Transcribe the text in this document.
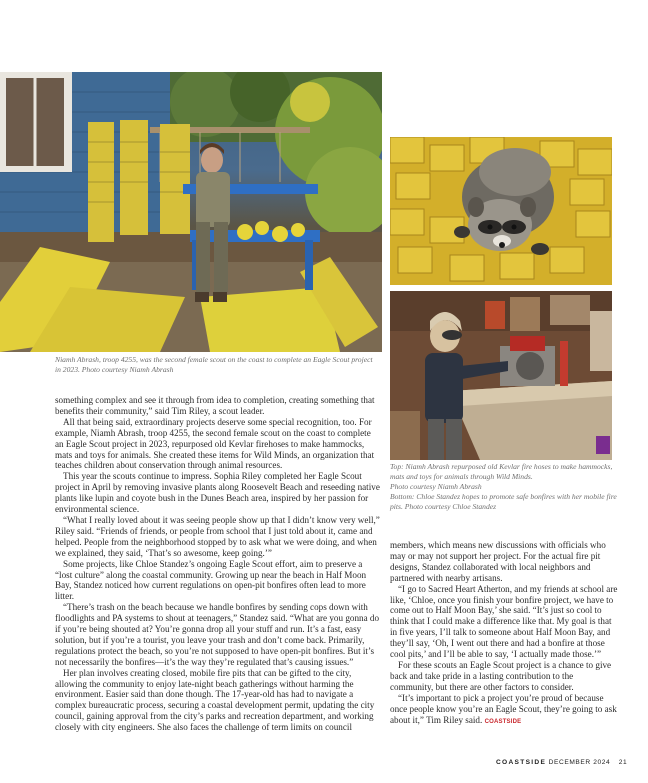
Niamh Abrash, troop 4255, was the second female scout on the coast to complete an Eagle Scout project in 2023. Photo courtesy Niamh Abrash

Top: Niamh Abrash repurposed old Kevlar fire hoses to make hammocks, mats and toys for animals through Wild Minds.

Photo courtesy Niamh Abrash

Bottom: Chloe Standez hopes to promote safe bonfires with her mobile fire pits. Photo courtesy Chloe Standez

something complex and see it through from idea to completion, creating something that benefits their community,” said Tim Riley, a scout leader.

All that being said, extraordinary projects deserve some special recognition, too. For example, Niamh Abrash, troop 4255, the second female scout on the coast to complete an Eagle Scout project in 2023, repurposed old Kevlar firehoses to make hammocks, mats and toys for animals. She created these items for Wild Minds, an organization that teaches children about conservation through animal resources.

This year the scouts continue to impress. Sophia Riley completed her Eagle Scout project in April by removing invasive plants along Roosevelt Beach and reseeding native plants like lupin and coyote bush in the Dunes Beach area, inspired by her passion for environmental science.

“What I really loved about it was seeing people show up that I didn’t know very well,” Riley said. “Friends of friends, or people from school that I just told about it, came and helped. People from the neighborhood stopped by to ask what we were doing, and when we explained, they said, ‘That’s so awesome, keep going.’”

Some projects, like Chloe Standez’s ongoing Eagle Scout effort, aim to preserve a “lost culture” along the coastal community. Growing up near the beach in Half Moon Bay, Standez noticed how current regulations on open-pit bonfires often lead to more litter.

“There’s trash on the beach because we handle bonfires by sending cops down with floodlights and PA systems to shout at teenagers,” Standez said. “What are you gonna do if you’re being shouted at? You’re gonna drop all your stuff and run. It’s a fast, easy solution, but if you’re a tourist, you leave your trash and don’t come back. Primarily, regulations protect the beach, so you’re not supposed to have open-pit bonfires. But it’s not necessarily the bonfires—it’s the way they’re regulated that’s causing issues.”

Her plan involves creating closed, mobile fire pits that can be gifted to the city, allowing the community to enjoy late-night beach gatherings without harming the environment. Easier said than done though. The 17-year-old has had to navigate a complex bureaucratic process, securing a coastal development permit, updating the city council, gaining approval from the city’s parks and recreation department, and working closely with city engineers. She also faces the challenge of term limits on council

members, which means new discussions with officials who may or may not support her project. For the actual fire pit designs, Standez collaborated with local neighbors and partnered with nearby artisans.

“I go to Sacred Heart Atherton, and my friends at school are like, ‘Chloe, once you finish your bonfire project, we have to come out to Half Moon Bay,’ she said. “It’s just so cool to think that I could make a difference like that. My goal is that in five years, I’ll talk to someone about Half Moon Bay, and they’ll say, ‘Oh, I went out there and had a bonfire at those cool pits,’ and I’ll be able to say, ‘I actually made those.’”

For these scouts an Eagle Scout project is a chance to give back and take pride in a lasting contribution to the community, but there are other factors to consider.

“It’s important to pick a project you’re proud of because once people know you’re an Eagle Scout, they’re going to ask about it,” Tim Riley said. COASTSIDE

COASTSIDE DECEMBER 2024 21
